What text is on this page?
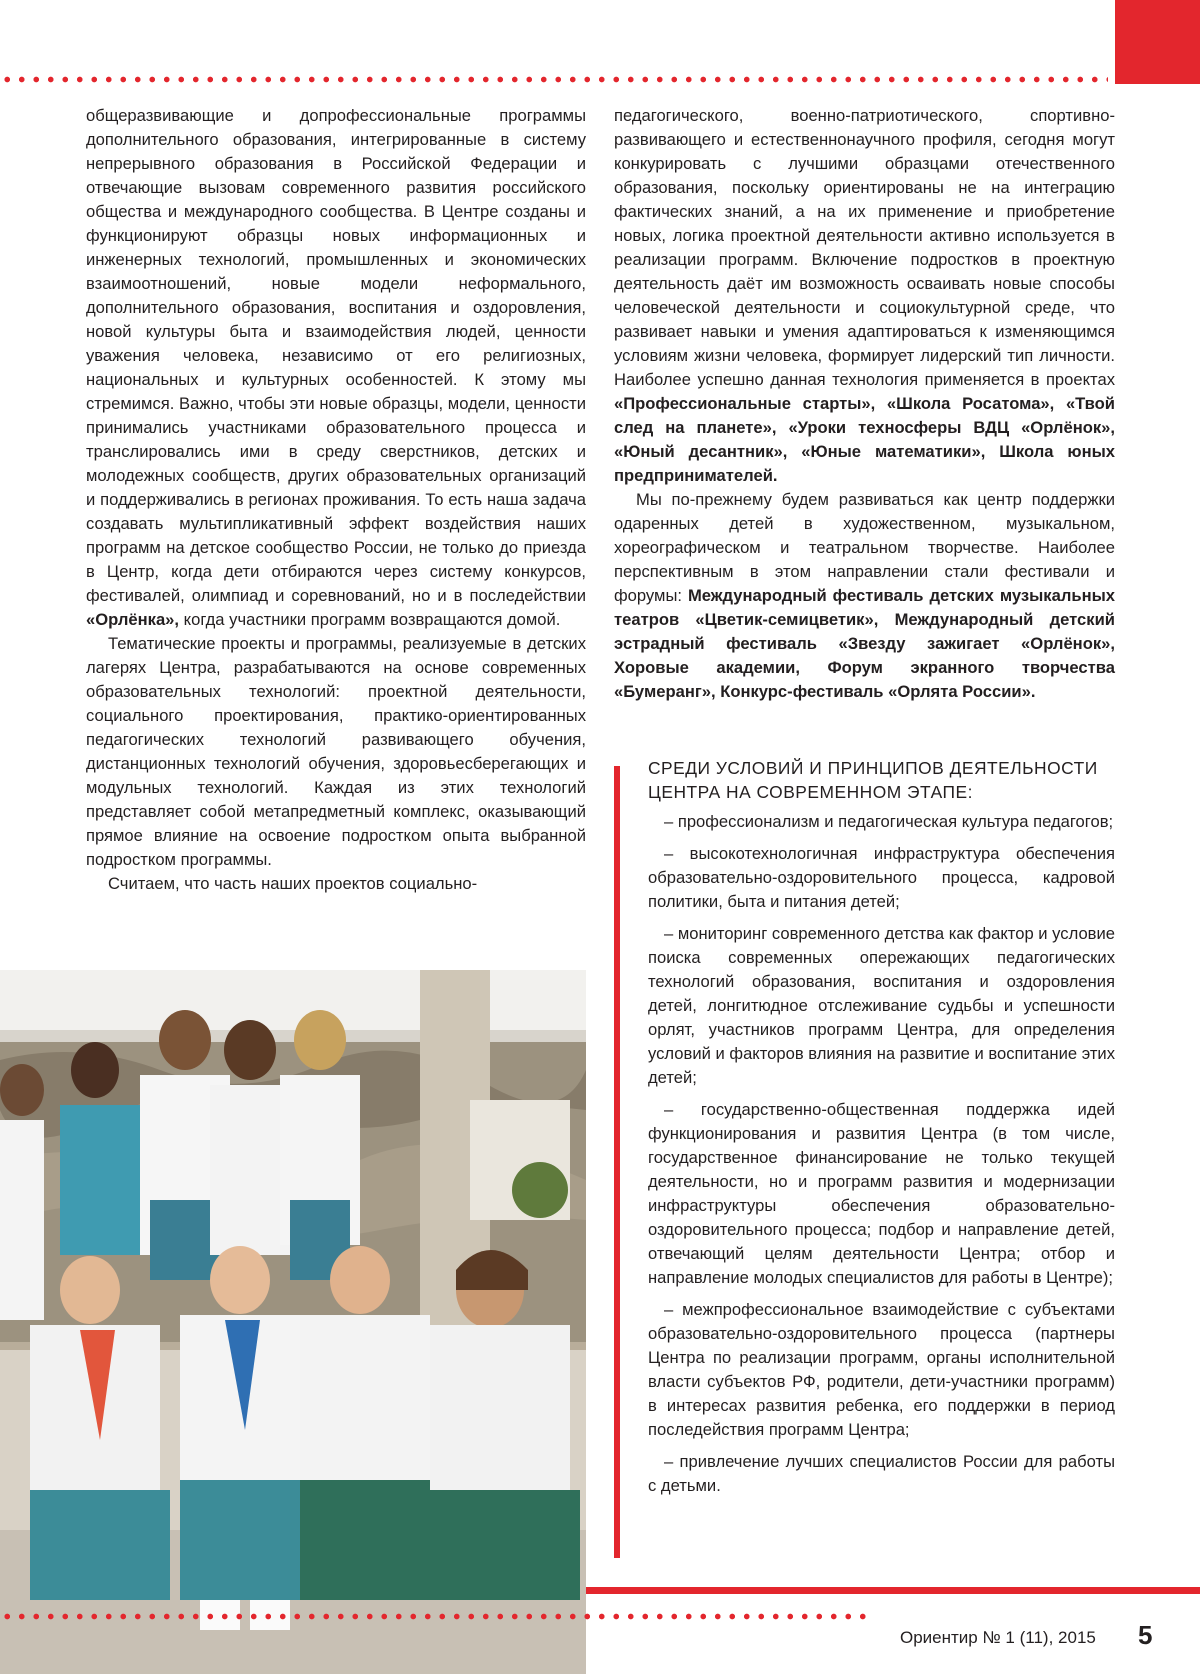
общеразвивающие и допрофессиональные программы дополнительного образования, интегрированные в систему непрерывного образования в Российской Федерации и отвечающие вызовам современного развития российского общества и международного сообщества. В Центре созданы и функционируют образцы новых информационных и инженерных технологий, промышленных и экономических взаимоотношений, новые модели неформального, дополнительного образования, воспитания и оздоровления, новой культуры быта и взаимодействия людей, ценности уважения человека, независимо от его религиозных, национальных и культурных особенностей. К этому мы стремимся. Важно, чтобы эти новые образцы, модели, ценности принимались участниками образовательного процесса и транслировались ими в среду сверстников, детских и молодежных сообществ, других образовательных организаций и поддерживались в регионах проживания. То есть наша задача создавать мультипликативный эффект воздействия наших программ на детское сообщество России, не только до приезда в Центр, когда дети отбираются через систему конкурсов, фестивалей, олимпиад и соревнований, но и в последействии «Орлёнка», когда участники программ возвращаются домой.

Тематические проекты и программы, реализуемые в детских лагерях Центра, разрабатываются на основе современных образовательных технологий: проектной деятельности, социального проектирования, практико-ориентированных педагогических технологий развивающего обучения, дистанционных технологий обучения, здоровьесберегающих и модульных технологий. Каждая из этих технологий представляет собой метапредметный комплекс, оказывающий прямое влияние на освоение подростком опыта выбранной подростком программы.

Считаем, что часть наших проектов социально-

педагогического, военно-патриотического, спортивно-развивающего и естественнонаучного профиля, сегодня могут конкурировать с лучшими образцами отечественного образования, поскольку ориентированы не на интеграцию фактических знаний, а на их применение и приобретение новых, логика проектной деятельности активно используется в реализации программ. Включение подростков в проектную деятельность даёт им возможность осваивать новые способы человеческой деятельности и социокультурной среде, что развивает навыки и умения адаптироваться к изменяющимся условиям жизни человека, формирует лидерский тип личности. Наиболее успешно данная технология применяется в проектах «Профессиональные старты», «Школа Росатома», «Твой след на планете», «Уроки техносферы ВДЦ «Орлёнок», «Юный десантник», «Юные математики», Школа юных предпринимателей.

Мы по-прежнему будем развиваться как центр поддержки одаренных детей в художественном, музыкальном, хореографическом и театральном творчестве. Наиболее перспективным в этом направлении стали фестивали и форумы: Международный фестиваль детских музыкальных театров «Цветик-семицветик», Международный детский эстрадный фестиваль «Звезду зажигает «Орлёнок», Хоровые академии, Форум экранного творчества «Бумеранг», Конкурс-фестиваль «Орлята России».

СРЕДИ УСЛОВИЙ И ПРИНЦИПОВ ДЕЯТЕЛЬНОСТИ ЦЕНТРА НА СОВРЕМЕННОМ ЭТАПЕ:

– профессионализм и педагогическая культура педагогов;
– высокотехнологичная инфраструктура обеспечения образовательно-оздоровительного процесса, кадровой политики, быта и питания детей;
– мониторинг современного детства как фактор и условие поиска современных опережающих педагогических технологий образования, воспитания и оздоровления детей, лонгитюдное отслеживание судьбы и успешности орлят, участников программ Центра, для определения условий и факторов влияния на развитие и воспитание этих детей;
– государственно-общественная поддержка идей функционирования и развития Центра (в том числе, государственное финансирование не только текущей деятельности, но и программ развития и модернизации инфраструктуры обеспечения образовательно-оздоровительного процесса; подбор и направление детей, отвечающий целям деятельности Центра; отбор и направление молодых специалистов для работы в Центре);
– межпрофессиональное взаимодействие с субъектами образовательно-оздоровительного процесса (партнеры Центра по реализации программ, органы исполнительной власти субъектов РФ, родители, дети-участники программ) в интересах развития ребенка, его поддержки в период последействия программ Центра;
– привлечение лучших специалистов России для работы с детьми.
Ориентир № 1 (11), 2015 5
